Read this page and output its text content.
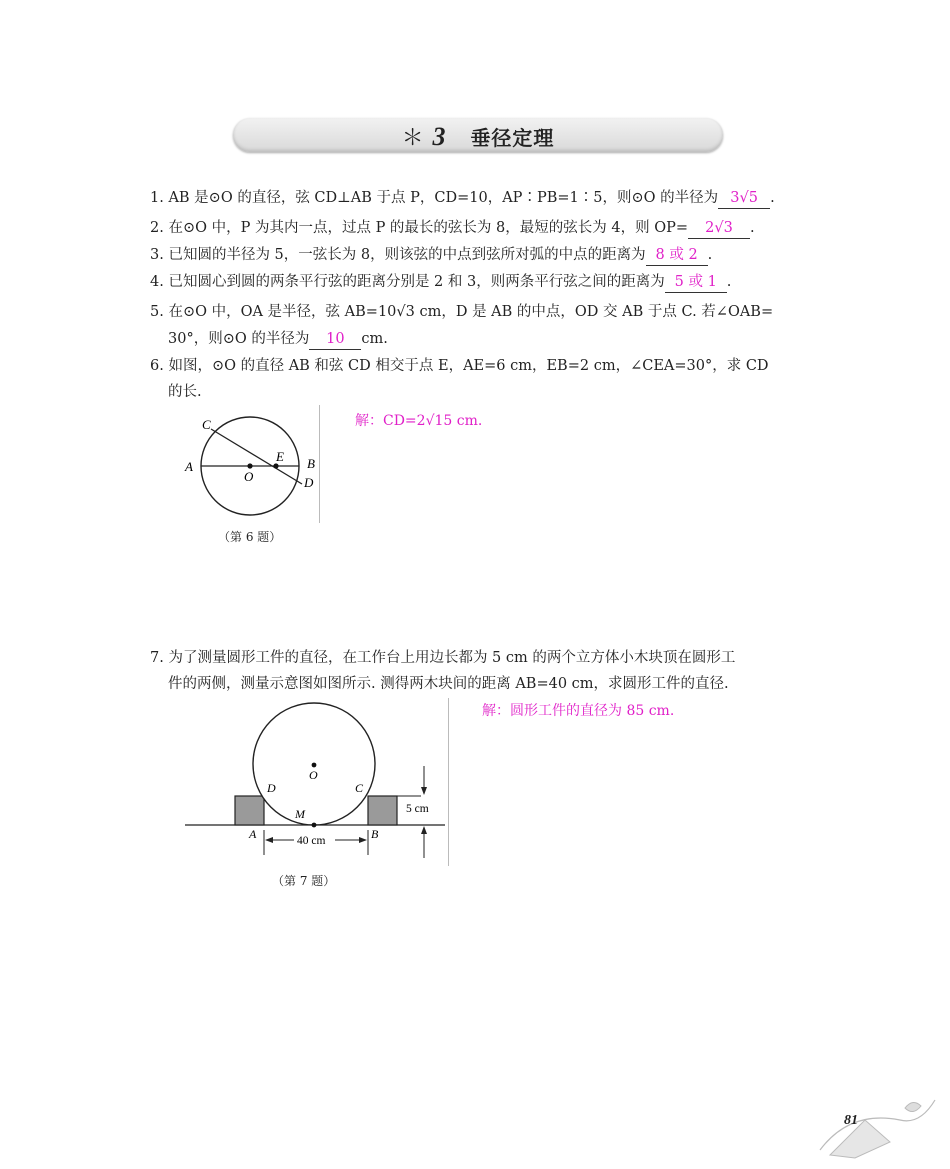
＊ 3 垂径定理
1. AB 是⊙O 的直径，弦 CD⊥AB 于点 P，CD=10，AP∶PB=1∶5，则⊙O 的半径为 3√5 .
2. 在⊙O 中，P 为其内一点，过点 P 的最长的弦长为 8，最短的弦长为 4，则 OP= 2√3 .
3. 已知圆的半径为 5，一弦长为 8，则该弦的中点到弦所对弧的中点的距离为 8 或 2 .
4. 已知圆心到圆的两条平行弦的距离分别是 2 和 3，则两条平行弦之间的距离为 5 或 1 .
5. 在⊙O 中，OA 是半径，弦 AB=10√3 cm，D 是 AB 的中点，OD 交 AB 于点 C. 若∠OAB=
30°，则⊙O 的半径为 10 cm.
6. 如图，⊙O 的直径 AB 和弦 CD 相交于点 E，AE=6 cm，EB=2 cm，∠CEA=30°，求 CD
的长.
A	B
C
D
E
O
（第 6 题）
解：CD=2√15 cm.
7. 为了测量圆形工件的直径，在工作台上用边长都为 5 cm 的两个立方体小木块顶在圆形工
件的两侧，测量示意图如图所示. 测得两木块间的距离 AB=40 cm，求圆形工件的直径.
O
D	C
M
A	B
40 cm
5 cm
（第 7 题）
解：圆形工件的直径为 85 cm.
81
